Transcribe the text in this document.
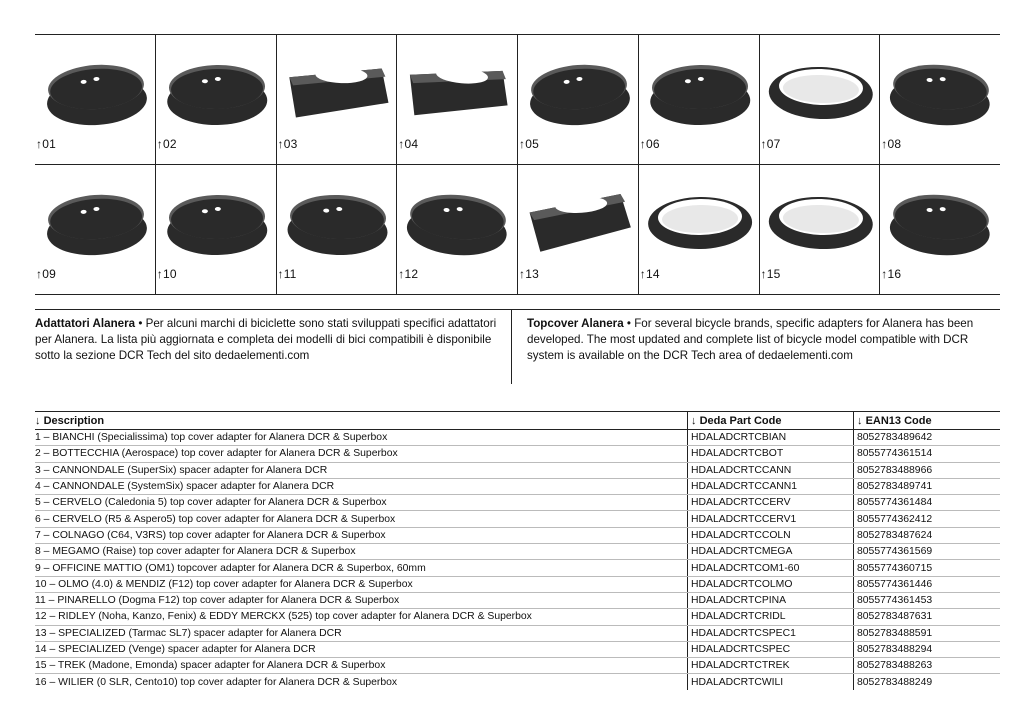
↑01	↑02	↑03	↑04	↑05	↑06	↑07	↑08
↑09	↑10	↑11	↑12	↑13	↑14	↑15	↑16
Adattatori Alanera • Per alcuni marchi di biciclette sono stati sviluppati specifici adattatori per Alanera. La lista più aggiornata e completa dei modelli di bici compatibili è disponibile sotto la sezione DCR Tech del sito dedaelementi.com
Topcover Alanera • For several bicycle brands, specific adapters for Alanera has been developed. The most updated and complete list of bicycle model compatible with DCR system is available on the DCR Tech area of dedaelementi.com
↓ Description	↓ Deda Part Code	↓ EAN13 Code
1 – BIANCHI (Specialissima) top cover adapter for Alanera DCR & Superbox	HDALADCRTCBIAN	8052783489642
2 – BOTTECCHIA (Aerospace) top cover adapter for Alanera DCR & Superbox	HDALADCRTCBOT	8055774361514
3 – CANNONDALE (SuperSix) spacer adapter for Alanera DCR	HDALADCRTCCANN	8052783488966
4 – CANNONDALE (SystemSix) spacer adapter for Alanera DCR	HDALADCRTCCANN1	8052783489741
5 – CERVELO (Caledonia 5) top cover adapter for Alanera DCR & Superbox	HDALADCRTCCERV	8055774361484
6 – CERVELO (R5 & Aspero5) top cover adapter for Alanera DCR & Superbox	HDALADCRTCCERV1	8055774362412
7 – COLNAGO (C64, V3RS) top cover adapter for Alanera DCR & Superbox	HDALADCRTCCOLN	8052783487624
8 – MEGAMO (Raise) top cover adapter for Alanera DCR & Superbox	HDALADCRTCMEGA	8055774361569
9 – OFFICINE MATTIO (OM1) topcover adapter for Alanera DCR & Superbox, 60mm	HDALADCRTCOM1-60	8055774360715
10 – OLMO (4.0) & MENDIZ (F12) top cover adapter for Alanera DCR & Superbox	HDALADCRTCOLMO	8055774361446
11 – PINARELLO (Dogma F12) top cover adapter for Alanera DCR & Superbox	HDALADCRTCPINA	8055774361453
12 – RIDLEY (Noha, Kanzo, Fenix) & EDDY MERCKX (525) top cover adapter for Alanera DCR & Superbox	HDALADCRTCRIDL	8052783487631
13 – SPECIALIZED (Tarmac SL7) spacer adapter for Alanera DCR	HDALADCRTCSPEC1	8052783488591
14 – SPECIALIZED (Venge) spacer adapter for Alanera DCR	HDALADCRTCSPEC	8052783488294
15 – TREK (Madone, Emonda) spacer adapter for Alanera DCR & Superbox	HDALADCRTCTREK	8052783488263
16 – WILIER (0 SLR, Cento10) top cover adapter for Alanera DCR & Superbox	HDALADCRTCWILI	8052783488249
